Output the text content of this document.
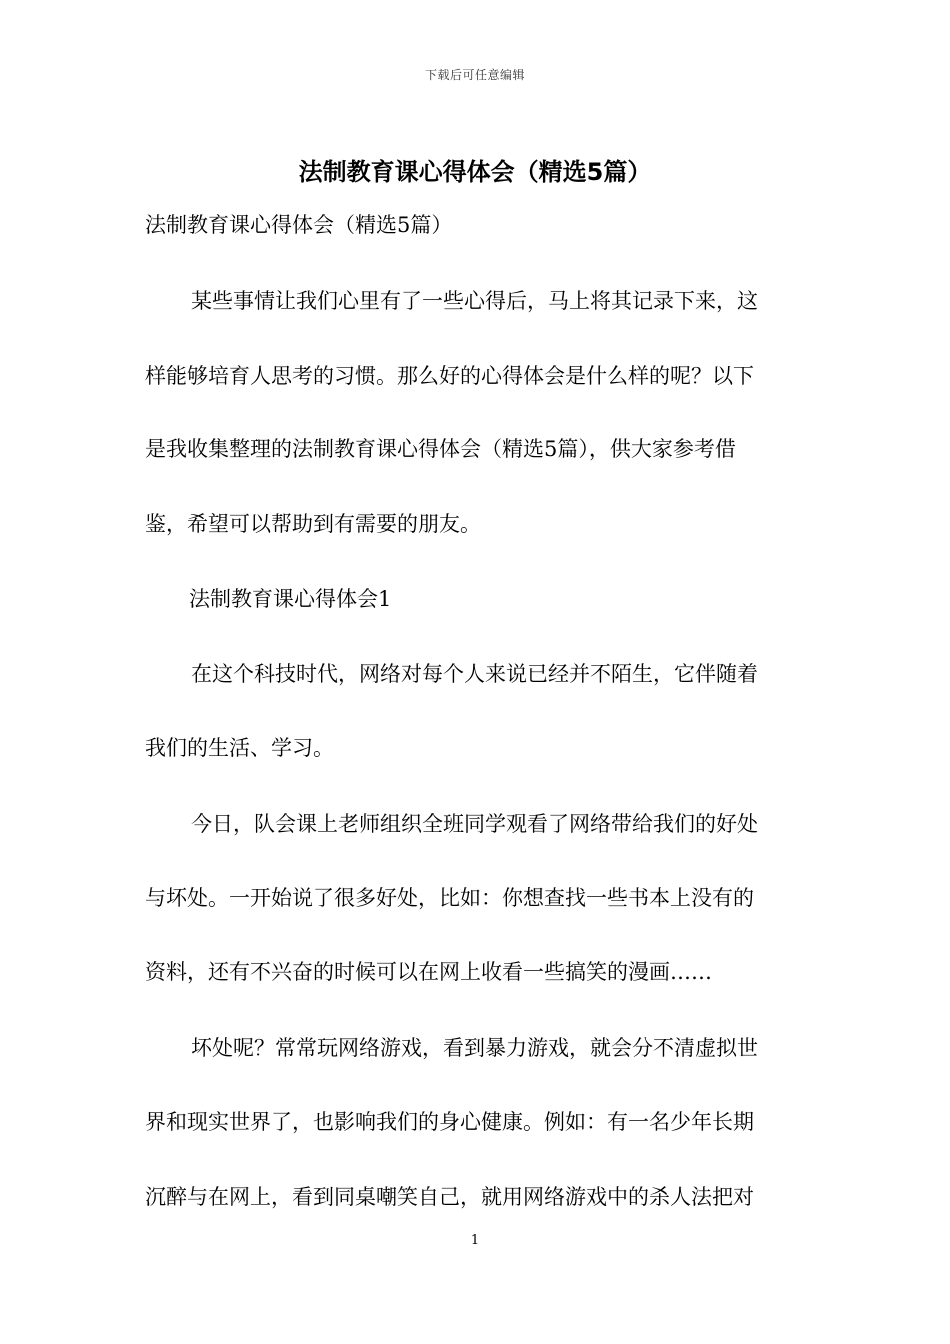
下载后可任意编辑
法制教育课心得体会（精选5篇）
法制教育课心得体会（精选5篇）
某些事情让我们心里有了一些心得后，马上将其记录下来，这
样能够培育人思考的习惯。那么好的心得体会是什么样的呢？以下
是我收集整理的法制教育课心得体会（精选5篇），供大家参考借
鉴，希望可以帮助到有需要的朋友。
法制教育课心得体会1
在这个科技时代，网络对每个人来说已经并不陌生，它伴随着
我们的生活、学习。
今日，队会课上老师组织全班同学观看了网络带给我们的好处
与坏处。一开始说了很多好处，比如：你想查找一些书本上没有的
资料，还有不兴奋的时候可以在网上收看一些搞笑的漫画……
坏处呢？常常玩网络游戏，看到暴力游戏，就会分不清虚拟世
界和现实世界了，也影响我们的身心健康。例如：有一名少年长期
沉醉与在网上，看到同桌嘲笑自己，就用网络游戏中的杀人法把对
1
